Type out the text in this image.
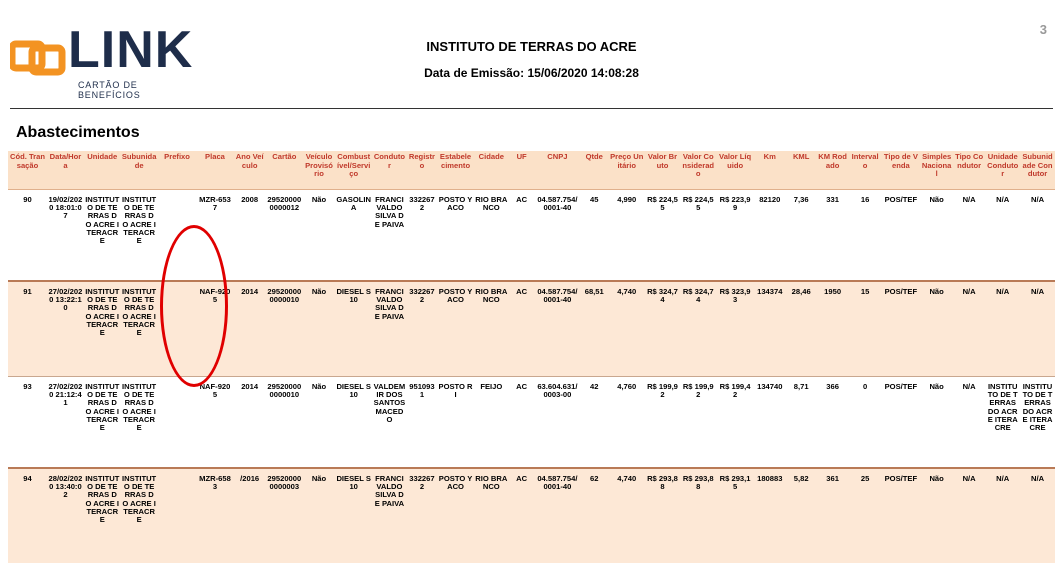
3
LINK
CARTÃO DE BENEFÍCIOS
INSTITUTO DE TERRAS DO ACRE
Data de Emissão: 15/06/2020 14:08:28
Abastecimentos
Cód. Transação	Data/Hora	Unidade	Subunidade	Prefixo	Placa	Ano Veículo	Cartão	Veículo Provisório	Combustível/Serviço	Condutor	Registro	Estabelecimento	Cidade	UF	CNPJ	Qtde	Preço Unitário	Valor Bruto	Valor Considerado	Valor Líquido	Km	KML	KM Rodado	Intervalo	Tipo de Venda	Simples Nacional	Tipo Condutor	Unidade Condutor	Subunidade Condutor
90	19/02/2020 18:01:07	INSTITUTO DE TERRAS DO ACRE ITERACRE	INSTITUTO DE TERRAS DO ACRE ITERACRE		MZR-6537	2008	295200000000012	Não	GASOLINA	FRANCIVALDO SILVA DE PAIVA	3322672	POSTO YACO	RIO BRANCO	AC	04.587.754/0001-40	45	4,990	R$ 224,55	R$ 224,55	R$ 223,99	82120	7,36	331	16	POS/TEF	Não	N/A	N/A	N/A
91	27/02/2020 13:22:10	INSTITUTO DE TERRAS DO ACRE ITERACRE	INSTITUTO DE TERRAS DO ACRE ITERACRE		NAF-9205	2014	295200000000010	Não	DIESEL S10	FRANCIVALDO SILVA DE PAIVA	3322672	POSTO YACO	RIO BRANCO	AC	04.587.754/0001-40	68,51	4,740	R$ 324,74	R$ 324,74	R$ 323,93	134374	28,46	1950	15	POS/TEF	Não	N/A	N/A	N/A
93	27/02/2020 21:12:41	INSTITUTO DE TERRAS DO ACRE ITERACRE	INSTITUTO DE TERRAS DO ACRE ITERACRE		NAF-9205	2014	295200000000010	Não	DIESEL S10	VALDEMIR DOS SANTOS MACEDO	9510931	POSTO RI	FEIJO	AC	63.604.631/0003-00	42	4,760	R$ 199,92	R$ 199,92	R$ 199,42	134740	8,71	366	0	POS/TEF	Não	N/A	INSTITUTO DE TERRAS DO ACRE ITERACRE	INSTITUTO DE TERRAS DO ACRE ITERACRE
94	28/02/2020 13:40:02	INSTITUTO DE TERRAS DO ACRE ITERACRE	INSTITUTO DE TERRAS DO ACRE ITERACRE		MZR-6583	/2016	295200000000003	Não	DIESEL S10	FRANCIVALDO SILVA DE PAIVA	3322672	POSTO YACO	RIO BRANCO	AC	04.587.754/0001-40	62	4,740	R$ 293,88	R$ 293,88	R$ 293,15	180883	5,82	361	25	POS/TEF	Não	N/A	N/A	N/A
